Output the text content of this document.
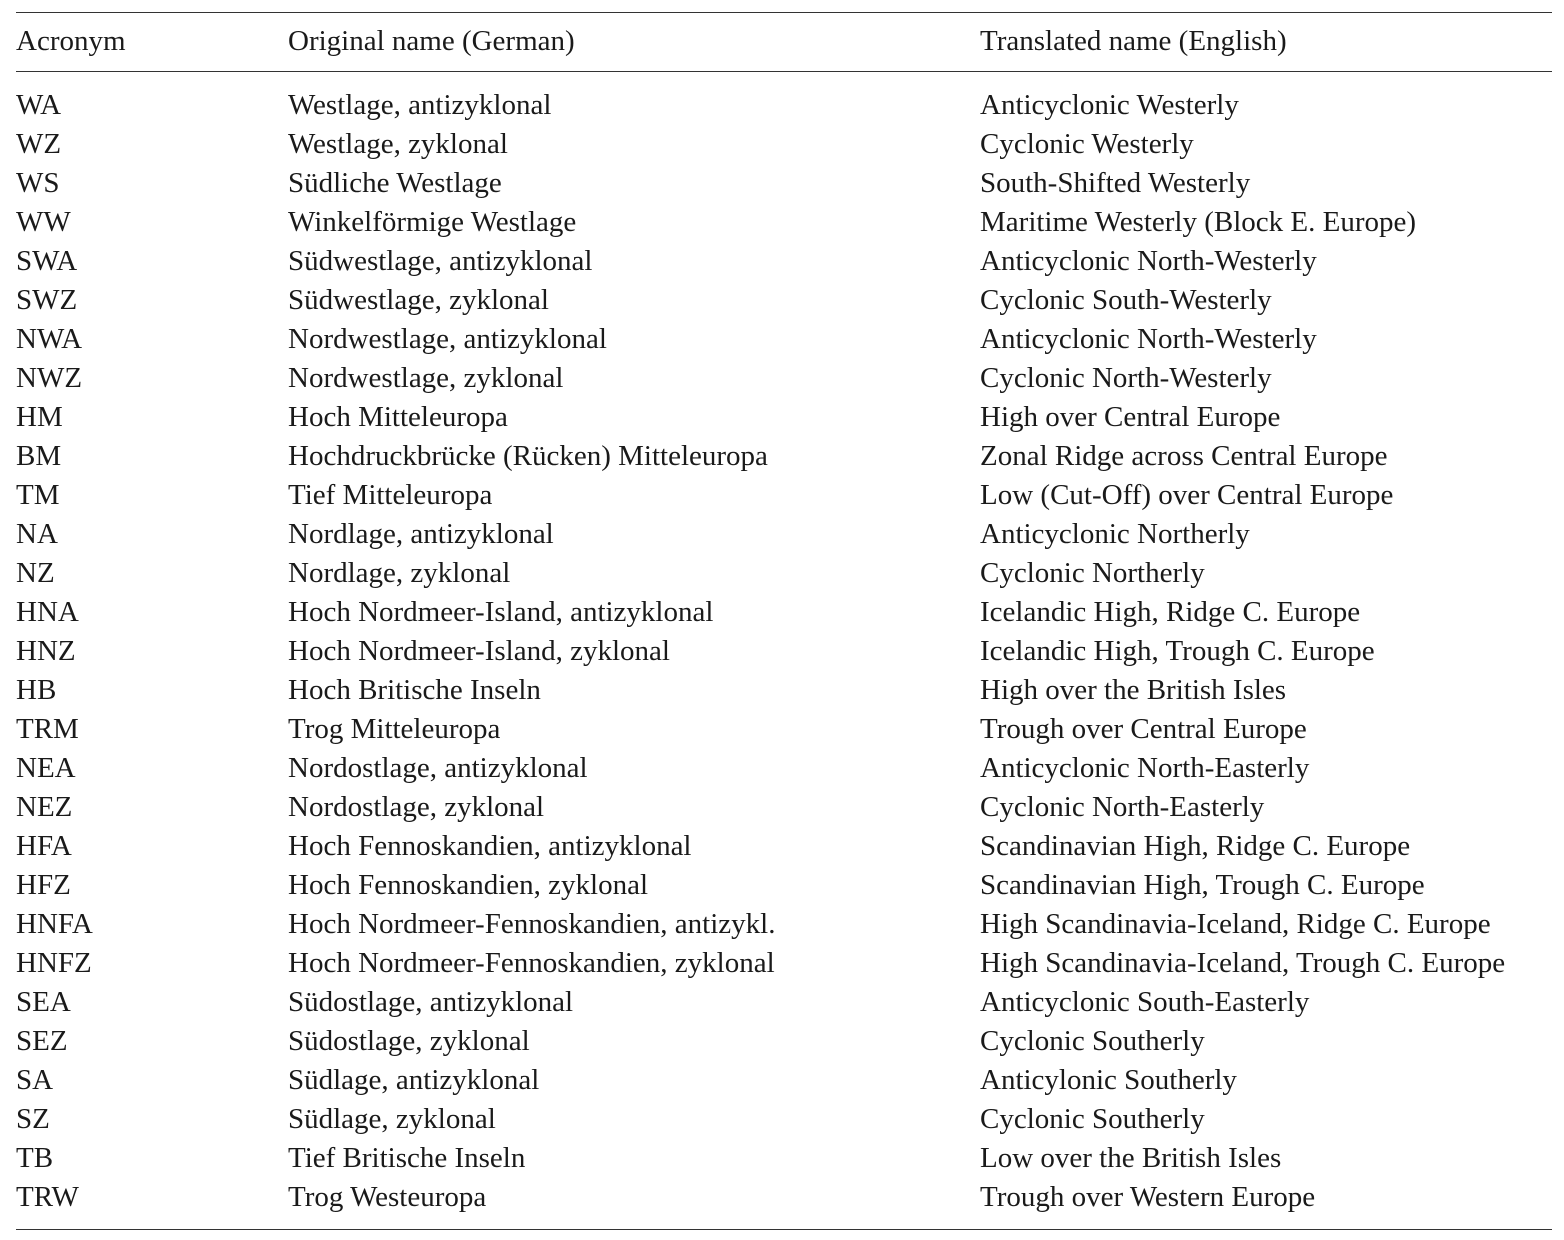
Acronym	Original name (German)	Translated name (English)
WA	Westlage, antizyklonal	Anticyclonic Westerly
WZ	Westlage, zyklonal	Cyclonic Westerly
WS	Südliche Westlage	South-Shifted Westerly
WW	Winkelförmige Westlage	Maritime Westerly (Block E. Europe)
SWA	Südwestlage, antizyklonal	Anticyclonic North-Westerly
SWZ	Südwestlage, zyklonal	Cyclonic South-Westerly
NWA	Nordwestlage, antizyklonal	Anticyclonic North-Westerly
NWZ	Nordwestlage, zyklonal	Cyclonic North-Westerly
HM	Hoch Mitteleuropa	High over Central Europe
BM	Hochdruckbrücke (Rücken) Mitteleuropa	Zonal Ridge across Central Europe
TM	Tief Mitteleuropa	Low (Cut-Off) over Central Europe
NA	Nordlage, antizyklonal	Anticyclonic Northerly
NZ	Nordlage, zyklonal	Cyclonic Northerly
HNA	Hoch Nordmeer-Island, antizyklonal	Icelandic High, Ridge C. Europe
HNZ	Hoch Nordmeer-Island, zyklonal	Icelandic High, Trough C. Europe
HB	Hoch Britische Inseln	High over the British Isles
TRM	Trog Mitteleuropa	Trough over Central Europe
NEA	Nordostlage, antizyklonal	Anticyclonic North-Easterly
NEZ	Nordostlage, zyklonal	Cyclonic North-Easterly
HFA	Hoch Fennoskandien, antizyklonal	Scandinavian High, Ridge C. Europe
HFZ	Hoch Fennoskandien, zyklonal	Scandinavian High, Trough C. Europe
HNFA	Hoch Nordmeer-Fennoskandien, antizykl.	High Scandinavia-Iceland, Ridge C. Europe
HNFZ	Hoch Nordmeer-Fennoskandien, zyklonal	High Scandinavia-Iceland, Trough C. Europe
SEA	Südostlage, antizyklonal	Anticyclonic South-Easterly
SEZ	Südostlage, zyklonal	Cyclonic Southerly
SA	Südlage, antizyklonal	Anticylonic Southerly
SZ	Südlage, zyklonal	Cyclonic Southerly
TB	Tief Britische Inseln	Low over the British Isles
TRW	Trog Westeuropa	Trough over Western Europe
